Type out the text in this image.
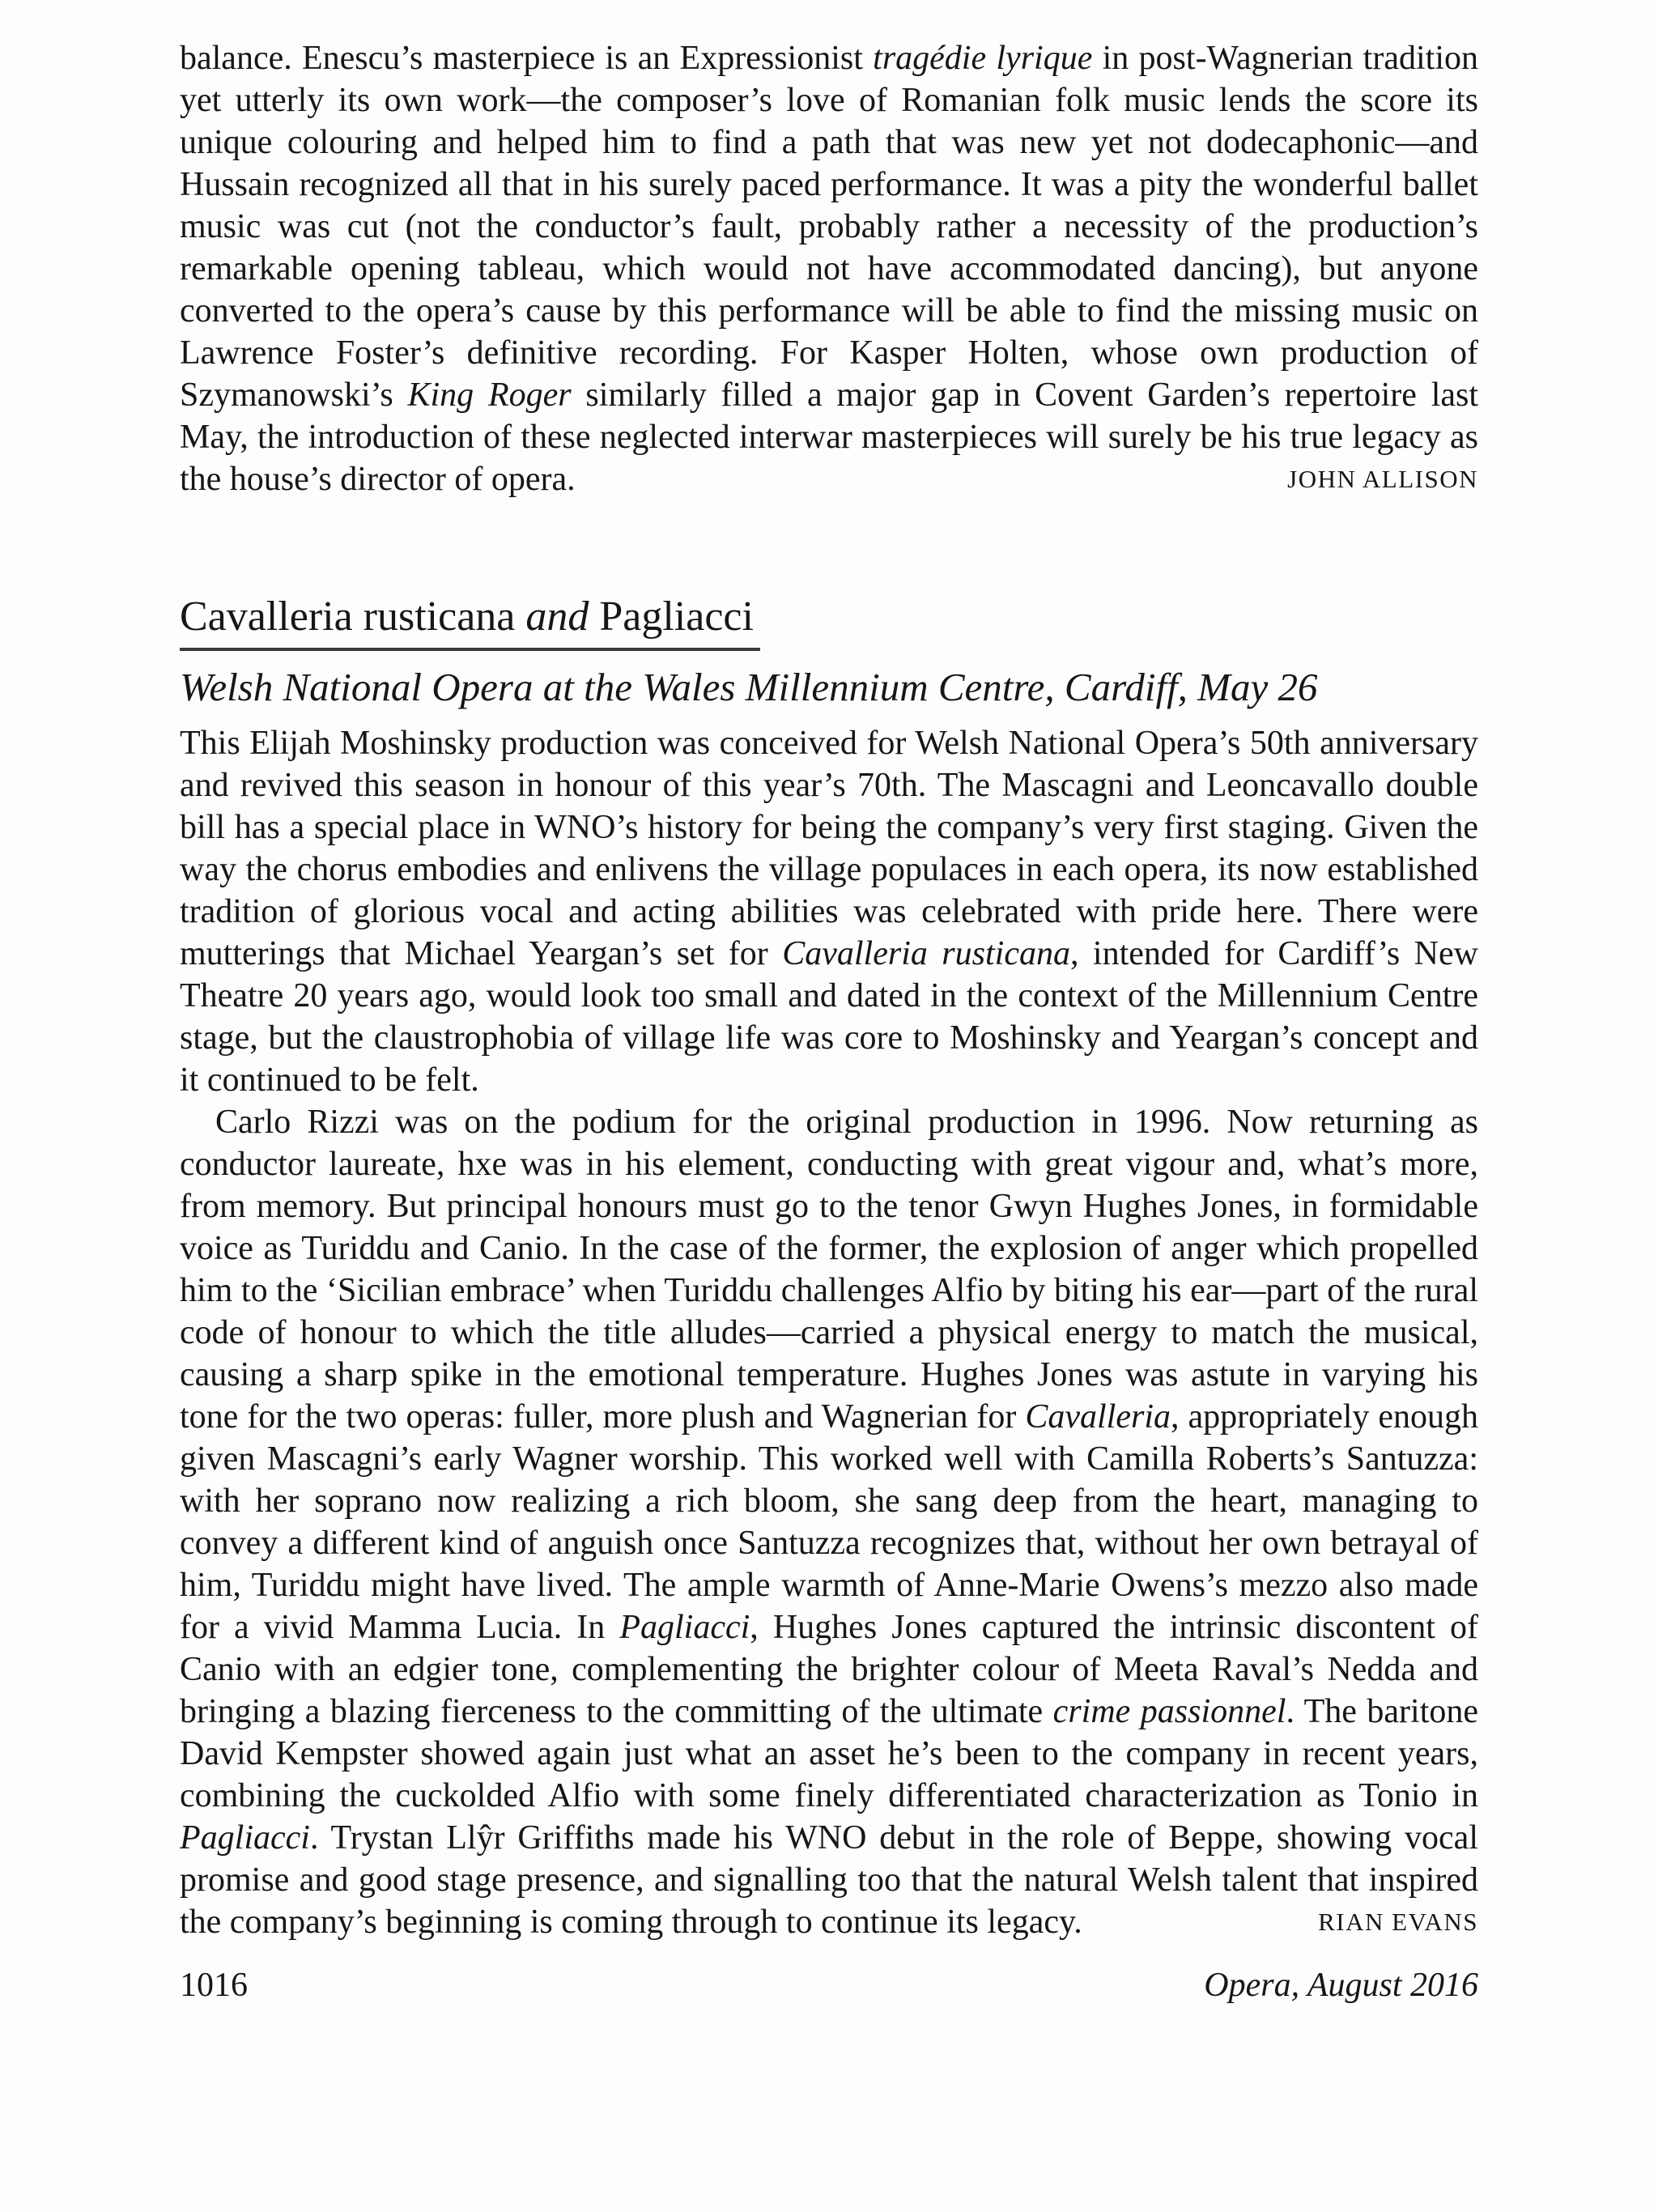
balance. Enescu’s masterpiece is an Expressionist tragédie lyrique in post-Wagnerian tradition yet utterly its own work—the composer’s love of Romanian folk music lends the score its unique colouring and helped him to find a path that was new yet not dodecaphonic—and Hussain recognized all that in his surely paced performance. It was a pity the wonderful ballet music was cut (not the conductor’s fault, probably rather a necessity of the production’s remarkable opening tableau, which would not have accommodated dancing), but anyone converted to the opera’s cause by this performance will be able to find the missing music on Lawrence Foster’s definitive recording. For Kasper Holten, whose own production of Szymanowski’s King Roger similarly filled a major gap in Covent Garden’s repertoire last May, the introduction of these neglected interwar masterpieces will surely be his true legacy as the house’s director of opera.	JOHN ALLISON

Cavalleria rusticana and Pagliacci

Welsh National Opera at the Wales Millennium Centre, Cardiff, May 26

This Elijah Moshinsky production was conceived for Welsh National Opera’s 50th anniversary and revived this season in honour of this year’s 70th. The Mascagni and Leoncavallo double bill has a special place in WNO’s history for being the company’s very first staging. Given the way the chorus embodies and enlivens the village populaces in each opera, its now established tradition of glorious vocal and acting abilities was celebrated with pride here. There were mutterings that Michael Yeargan’s set for Cavalleria rusticana, intended for Cardiff’s New Theatre 20 years ago, would look too small and dated in the context of the Millennium Centre stage, but the claustrophobia of village life was core to Moshinsky and Yeargan’s concept and it continued to be felt.

Carlo Rizzi was on the podium for the original production in 1996. Now returning as conductor laureate, hxe was in his element, conducting with great vigour and, what’s more, from memory. But principal honours must go to the tenor Gwyn Hughes Jones, in formidable voice as Turiddu and Canio. In the case of the former, the explosion of anger which propelled him to the ‘Sicilian embrace’ when Turiddu challenges Alfio by biting his ear—part of the rural code of honour to which the title alludes—carried a physical energy to match the musical, causing a sharp spike in the emotional temperature. Hughes Jones was astute in varying his tone for the two operas: fuller, more plush and Wagnerian for Cavalleria, appropriately enough given Mascagni’s early Wagner worship. This worked well with Camilla Roberts’s Santuzza: with her soprano now realizing a rich bloom, she sang deep from the heart, managing to convey a different kind of anguish once Santuzza recognizes that, without her own betrayal of him, Turiddu might have lived. The ample warmth of Anne-Marie Owens’s mezzo also made for a vivid Mamma Lucia. In Pagliacci, Hughes Jones captured the intrinsic discontent of Canio with an edgier tone, complementing the brighter colour of Meeta Raval’s Nedda and bringing a blazing fierceness to the committing of the ultimate crime passionnel. The baritone David Kempster showed again just what an asset he’s been to the company in recent years, combining the cuckolded Alfio with some finely differentiated characterization as Tonio in Pagliacci. Trystan Llŷr Griffiths made his WNO debut in the role of Beppe, showing vocal promise and good stage presence, and signalling too that the natural Welsh talent that inspired the company’s beginning is coming through to continue its legacy.	RIAN EVANS

1016	Opera, August 2016
